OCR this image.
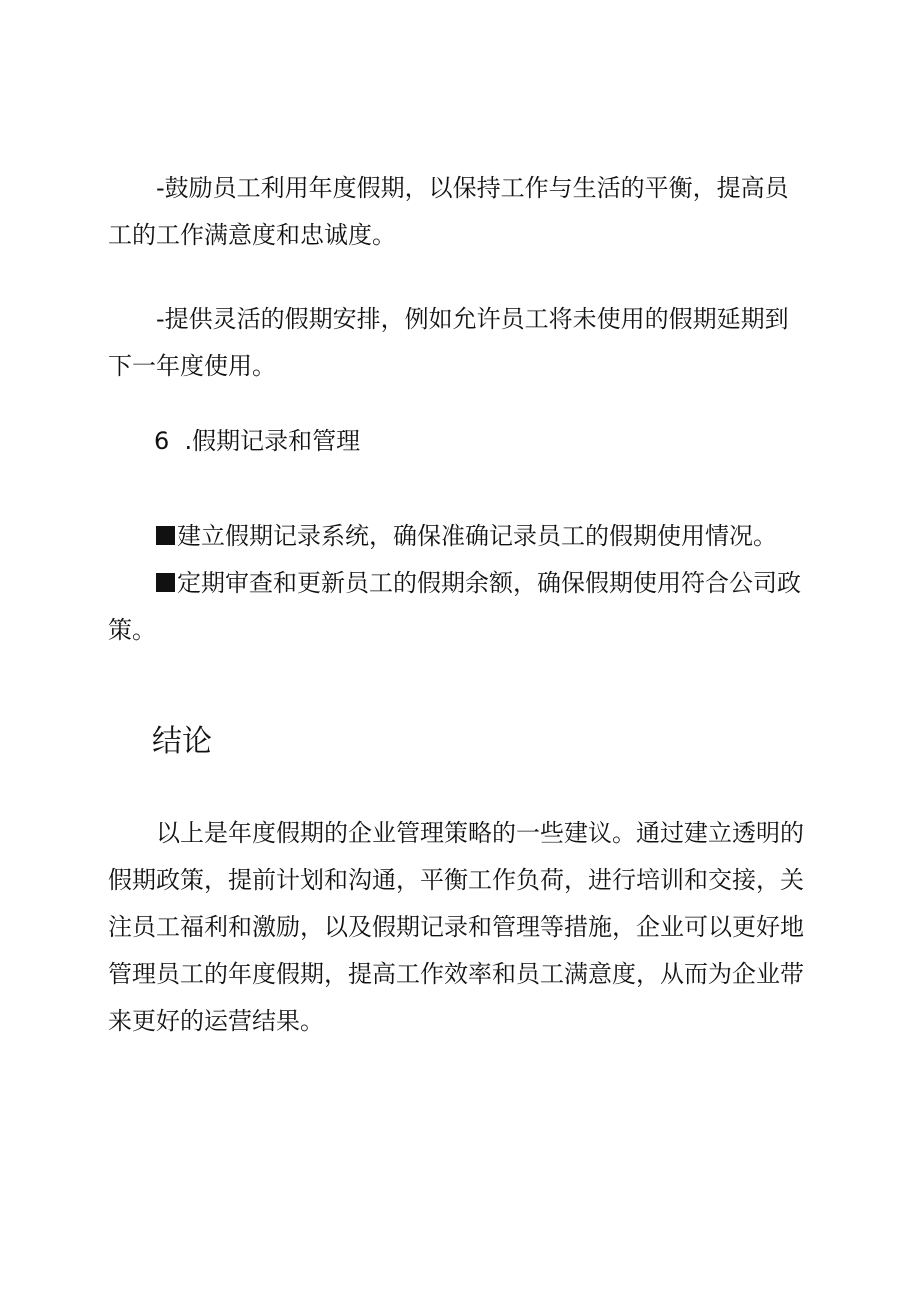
-鼓励员工利用年度假期，以保持工作与生活的平衡，提高员工的工作满意度和忠诚度。

-提供灵活的假期安排，例如允许员工将未使用的假期延期到下一年度使用。

6 .假期记录和管理

建立假期记录系统，确保准确记录员工的假期使用情况。

定期审查和更新员工的假期余额，确保假期使用符合公司政策。

结论

以上是年度假期的企业管理策略的一些建议。通过建立透明的假期政策，提前计划和沟通，平衡工作负荷，进行培训和交接，关注员工福利和激励，以及假期记录和管理等措施，企业可以更好地管理员工的年度假期，提高工作效率和员工满意度，从而为企业带来更好的运营结果。
